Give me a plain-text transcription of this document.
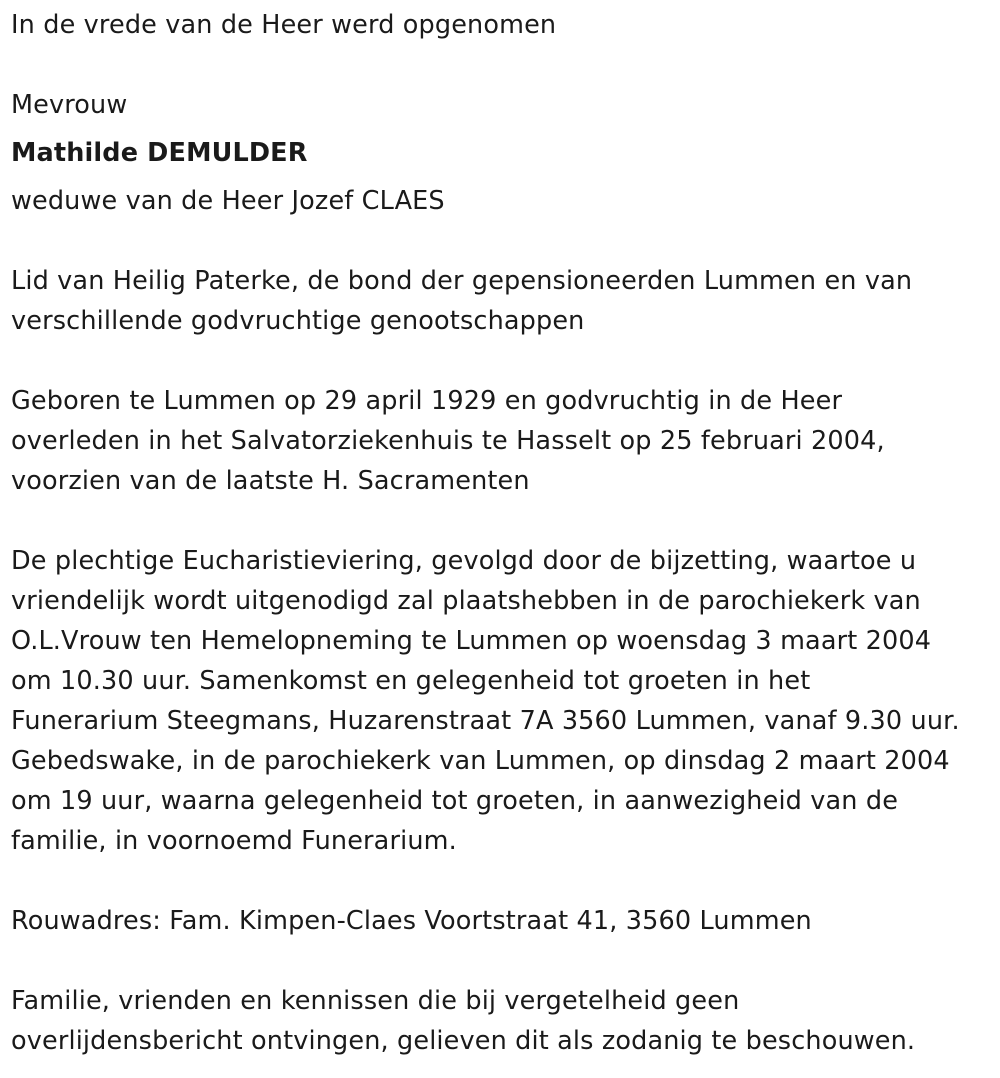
In de vrede van de Heer werd opgenomen
Mevrouw
Mathilde DEMULDER
weduwe van de Heer Jozef CLAES
Lid van Heilig Paterke, de bond der gepensioneerden Lummen en van
verschillende godvruchtige genootschappen
Geboren te Lummen op 29 april 1929 en godvruchtig in de Heer
overleden in het Salvatorziekenhuis te Hasselt op 25 februari 2004,
voorzien van de laatste H. Sacramenten
De plechtige Eucharistieviering, gevolgd door de bijzetting, waartoe u
vriendelijk wordt uitgenodigd zal plaatshebben in de parochiekerk van
O.L.Vrouw ten Hemelopneming te Lummen op woensdag 3 maart 2004
om 10.30 uur. Samenkomst en gelegenheid tot groeten in het
Funerarium Steegmans, Huzarenstraat 7A 3560 Lummen, vanaf 9.30 uur.
Gebedswake, in de parochiekerk van Lummen, op dinsdag 2 maart 2004
om 19 uur, waarna gelegenheid tot groeten, in aanwezigheid van de
familie, in voornoemd Funerarium.
Rouwadres: Fam. Kimpen-Claes Voortstraat 41, 3560 Lummen
Familie, vrienden en kennissen die bij vergetelheid geen
overlijdensbericht ontvingen, gelieven dit als zodanig te beschouwen.
